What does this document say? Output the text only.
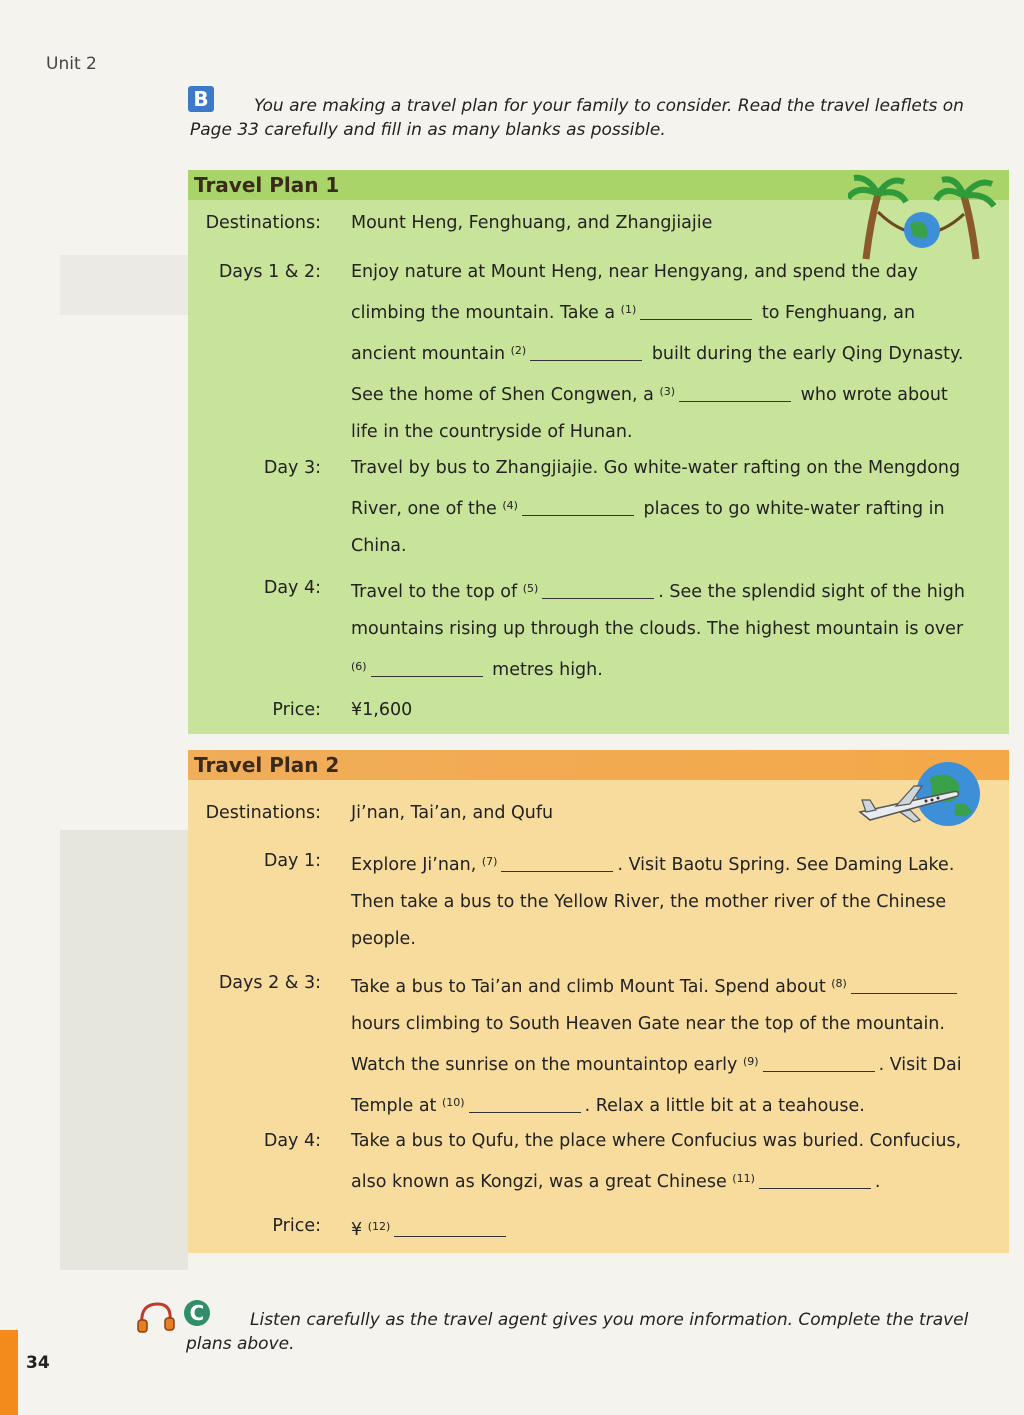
Unit 2
B	You are making a travel plan for your family to consider. Read the travel leaflets on
Page 33 carefully and fill in as many blanks as possible.
Travel Plan 1
Destinations: Mount Heng, Fenghuang, and Zhangjiajie
Days 1 & 2: Enjoy nature at Mount Heng, near Hengyang, and spend the day
climbing the mountain. Take a $^{(1)}$	to Fenghuang, an
ancient mountain $^{(2)}$	built during the early Qing Dynasty.
See the home of Shen Congwen, a $^{(3)}$	who wrote about
life in the countryside of Hunan.
Day 3: Travel by bus to Zhangjiajie. Go white-water rafting on the Mengdong
River, one of the $^{(4)}$	places to go white-water rafting in
China.
Day 4: Travel to the top of $^{(5)}$	. See the splendid sight of the high
mountains rising up through the clouds. The highest mountain is over
$^{(6)}$	metres high.
Price: ¥1,600
Travel Plan 2
Destinations: Ji’nan, Tai’an, and Qufu
Day 1: Explore Ji’nan, $^{(7)}$	. Visit Baotu Spring. See Daming Lake.
Then take a bus to the Yellow River, the mother river of the Chinese
people.
Days 2 & 3: Take a bus to Tai’an and climb Mount Tai. Spend about $^{(8)}$
hours climbing to South Heaven Gate near the top of the mountain.
Watch the sunrise on the mountaintop early $^{(9)}$	. Visit Dai
Temple at $^{(10)}$	. Relax a little bit at a teahouse.
Day 4: Take a bus to Qufu, the place where Confucius was buried. Confucius,
also known as Kongzi, was a great Chinese $^{(11)}$	.
Price: ¥ $^{(12)}$
C	Listen carefully as the travel agent gives you more information. Complete the travel
plans above.
34
